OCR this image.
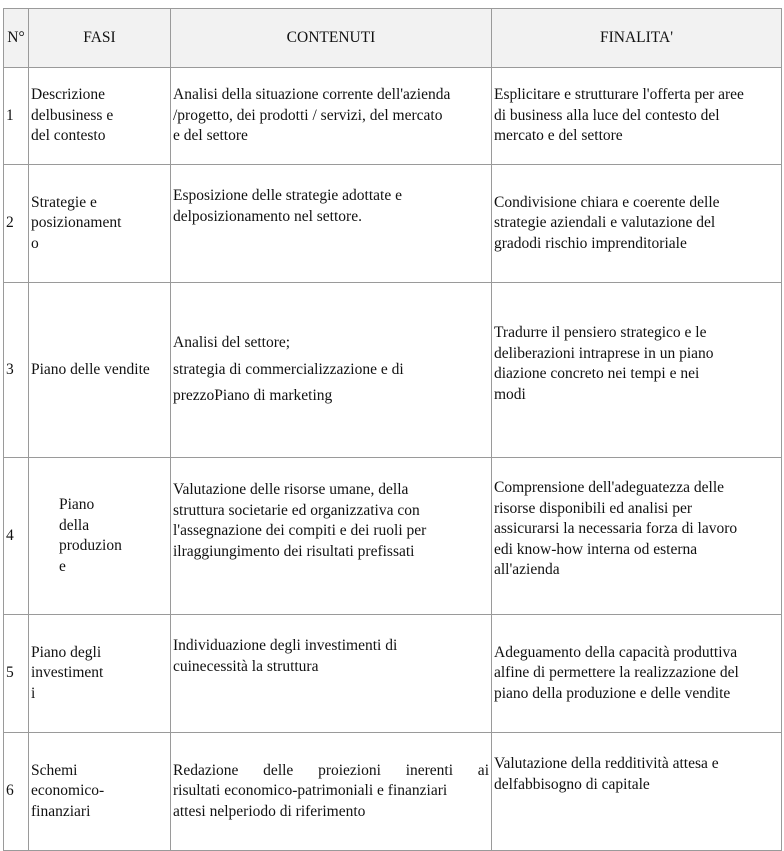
N°	FASI	CONTENUTI	FINALITA'
1	Descrizione
delbusiness e
del contesto	Analisi della situazione corrente dell'azienda
/progetto, dei prodotti / servizi, del mercato
e del settore	Esplicitare e strutturare l'offerta per aree
di business alla luce del contesto del
mercato e del settore

2	Strategie e
posizionament
o	Esposizione delle strategie adottate e
delposizionamento nel settore.	Condivisione chiara e coerente delle
strategie aziendali e valutazione del
gradodi rischio imprenditoriale

3	Piano delle vendite	Analisi del settore;
strategia di commercializzazione e di
prezzoPiano di marketing	Tradurre il pensiero strategico e le
deliberazioni intraprese in un piano
diazione concreto nei tempi e nei
modi

4	Piano
della
produzion
e	Valutazione delle risorse umane, della
struttura societarie ed organizzativa con
l'assegnazione dei compiti e dei ruoli per
ilraggiungimento dei risultati prefissati	Comprensione dell'adeguatezza delle
risorse disponibili ed analisi per
assicurarsi la necessaria forza di lavoro
edi know-how interna od esterna
all'azienda

5	Piano degli
investiment
i	Individuazione degli investimenti di
cuinecessità la struttura	Adeguamento della capacità produttiva
alfine di permettere la realizzazione del
piano della produzione e delle vendite

6	Schemi
economico-
finanziari	Redazione delle proiezioni inerenti ai
risultati economico-patrimoniali e finanziari
attesi nelperiodo di riferimento	Valutazione della redditività attesa e
delfabbisogno di capitale
